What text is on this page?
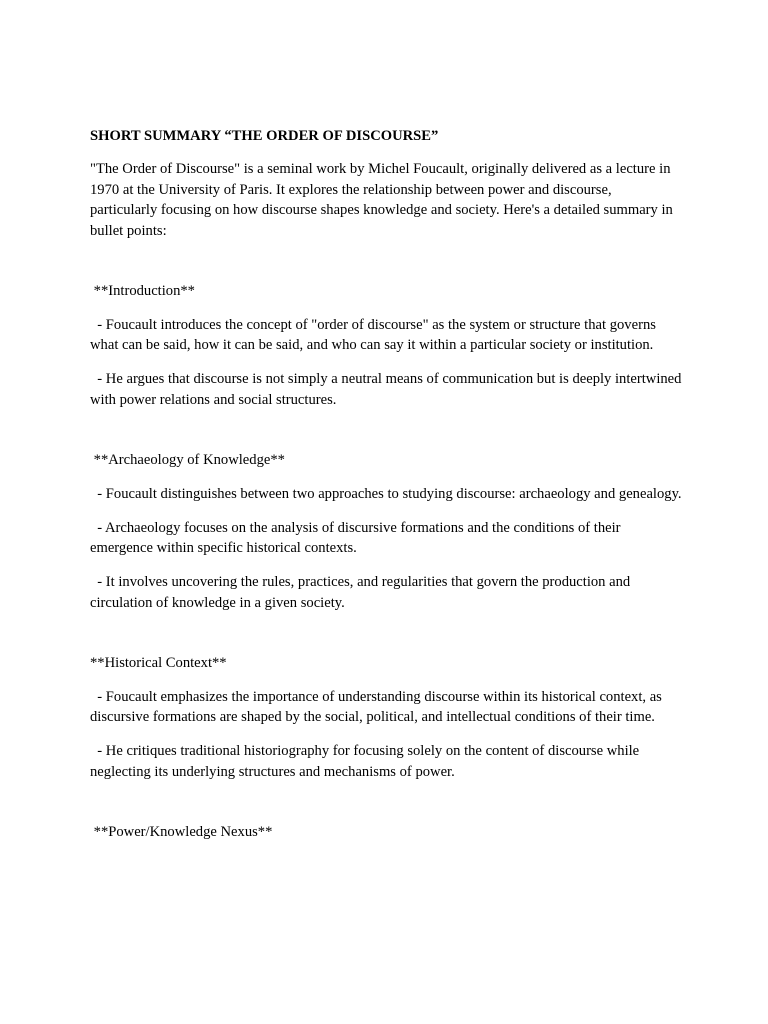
SHORT SUMMARY “THE ORDER OF DISCOURSE”

"The Order of Discourse" is a seminal work by Michel Foucault, originally delivered as a lecture in 1970 at the University of Paris. It explores the relationship between power and discourse, particularly focusing on how discourse shapes knowledge and society. Here's a detailed summary in bullet points:

**Introduction**

- Foucault introduces the concept of "order of discourse" as the system or structure that governs what can be said, how it can be said, and who can say it within a particular society or institution.

- He argues that discourse is not simply a neutral means of communication but is deeply intertwined with power relations and social structures.

**Archaeology of Knowledge**

- Foucault distinguishes between two approaches to studying discourse: archaeology and genealogy.

- Archaeology focuses on the analysis of discursive formations and the conditions of their emergence within specific historical contexts.

- It involves uncovering the rules, practices, and regularities that govern the production and circulation of knowledge in a given society.

**Historical Context**

- Foucault emphasizes the importance of understanding discourse within its historical context, as discursive formations are shaped by the social, political, and intellectual conditions of their time.

- He critiques traditional historiography for focusing solely on the content of discourse while neglecting its underlying structures and mechanisms of power.

**Power/Knowledge Nexus**
